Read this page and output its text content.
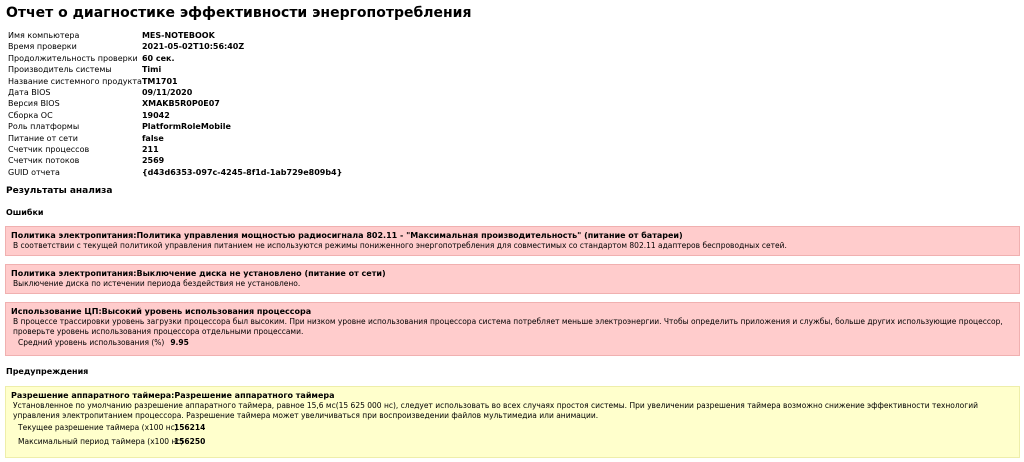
Отчет о диагностике эффективности энергопотребления
Имя компьютера	MES-NOTEBOOK
Время проверки	2021-05-02T10:56:40Z
Продолжительность проверки	60 сек.
Производитель системы	Timi
Название системного продукта	TM1701
Дата BIOS	09/11/2020
Версия BIOS	XMAKB5R0P0E07
Сборка ОС	19042
Роль платформы	PlatformRoleMobile
Питание от сети	false
Счетчик процессов	211
Счетчик потоков	2569
GUID отчета	{d43d6353-097c-4245-8f1d-1ab729e809b4}
Результаты анализа
Ошибки
Политика электропитания:Политика управления мощностью радиосигнала 802.11 - "Максимальная производительность" (питание от батареи)
В соответствии с текущей политикой управления питанием не используются режимы пониженного энергопотребления для совместимых со стандартом 802.11 адаптеров беспроводных сетей.
Политика электропитания:Выключение диска не установлено (питание от сети)
Выключение диска по истечении периода бездействия не установлено.
Использование ЦП:Высокий уровень использования процессора
В процессе трассировки уровень загрузки процессора был высоким. При низком уровне использования процессора система потребляет меньше электроэнергии. Чтобы определить приложения и службы, больше других использующие процессор, проверьте уровень использования процессора отдельными процессами.
Средний уровень использования (%) 9.95
Предупреждения
Разрешение аппаратного таймера:Разрешение аппаратного таймера
Установленное по умолчанию разрешение аппаратного таймера, равное 15,6 мс(15 625 000 нс), следует использовать во всех случаях простоя системы. При увеличении разрешения таймера возможно снижение эффективности технологий управления электропитанием процессора. Разрешение таймера может увеличиваться при воспроизведении файлов мультимедиа или анимации.
Текущее разрешение таймера (x100 нс)156214
Максимальный период таймера (x100 нс)156250
